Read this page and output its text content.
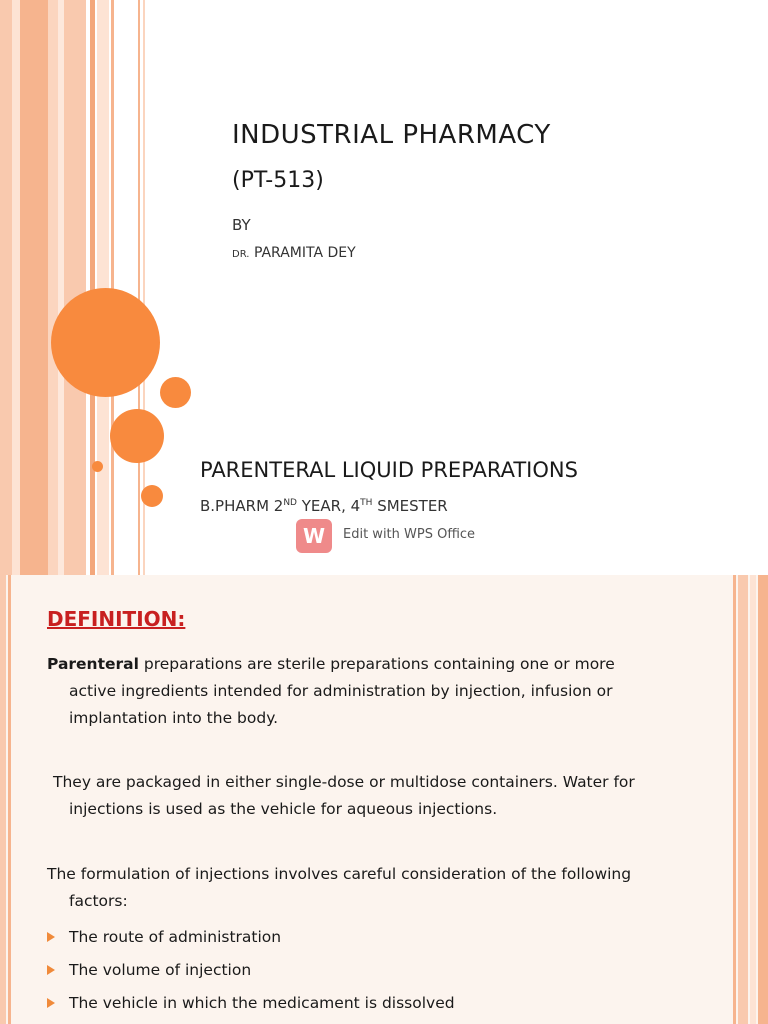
INDUSTRIAL PHARMACY
(PT-513)
BY
DR. PARAMITA DEY
PARENTERAL LIQUID PREPARATIONS
B.PHARM 2ND YEAR, 4TH SMESTER
W	Edit with WPS Office
DEFINITION:
Parenteral preparations are sterile preparations containing one or more
active ingredients intended for administration by injection, infusion or
implantation into the body.
They are packaged in either single-dose or multidose containers. Water for
injections is used as the vehicle for aqueous injections.
The formulation of injections involves careful consideration of the following
factors:
The route of administration
The volume of injection
The vehicle in which the medicament is dissolved
